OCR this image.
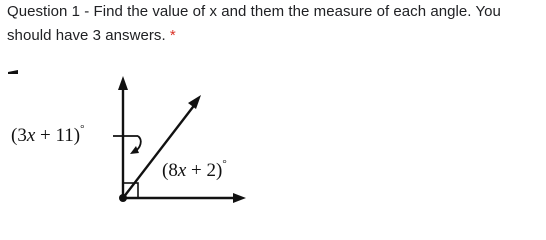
Question 1 - Find the value of x and them the measure of each angle. You should have 3 answers. *
(3x + 11)°
(8x + 2)°
